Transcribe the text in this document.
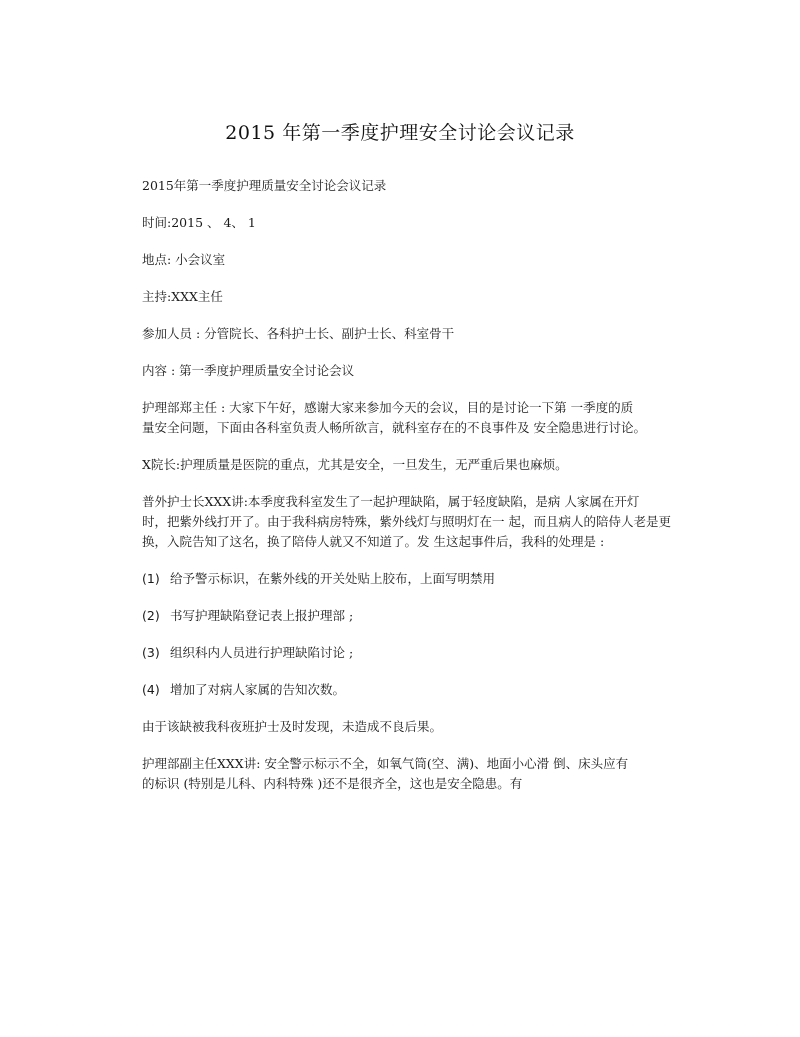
2015 年第一季度护理安全讨论会议记录

2015年第一季度护理质量安全讨论会议记录

时间:2015 、 4、 1

地点: 小会议室

主持:XXX主任

参加人员 : 分管院长、各科护士长、副护士长、科室骨干

内容 : 第一季度护理质量安全讨论会议

护理部郑主任 : 大家下午好，感谢大家来参加今天的会议，目的是讨论一下第 一季度的质

量安全问题，下面由各科室负责人畅所欲言，就科室存在的不良事件及 安全隐患进行讨论。

X院长:护理质量是医院的重点，尤其是安全，一旦发生，无严重后果也麻烦。

普外护士长XXX讲:本季度我科室发生了一起护理缺陷，属于轻度缺陷，是病 人家属在开灯

时，把紫外线打开了。由于我科病房特殊，紫外线灯与照明灯在一 起，而且病人的陪侍人老是更

换，入院告知了这名，换了陪侍人就又不知道了。发 生这起事件后，我科的处理是 :

(1) 给予警示标识，在紫外线的开关处贴上胶布，上面写明禁用

(2) 书写护理缺陷登记表上报护理部 ;

(3) 组织科内人员进行护理缺陷讨论 ;

(4) 增加了对病人家属的告知次数。

由于该缺被我科夜班护士及时发现，未造成不良后果。

护理部副主任XXX讲: 安全警示标示不全，如氧气筒(空、满)、地面小心滑 倒、床头应有

的标识 (特别是儿科、内科特殊 )还不是很齐全，这也是安全隐患。有
